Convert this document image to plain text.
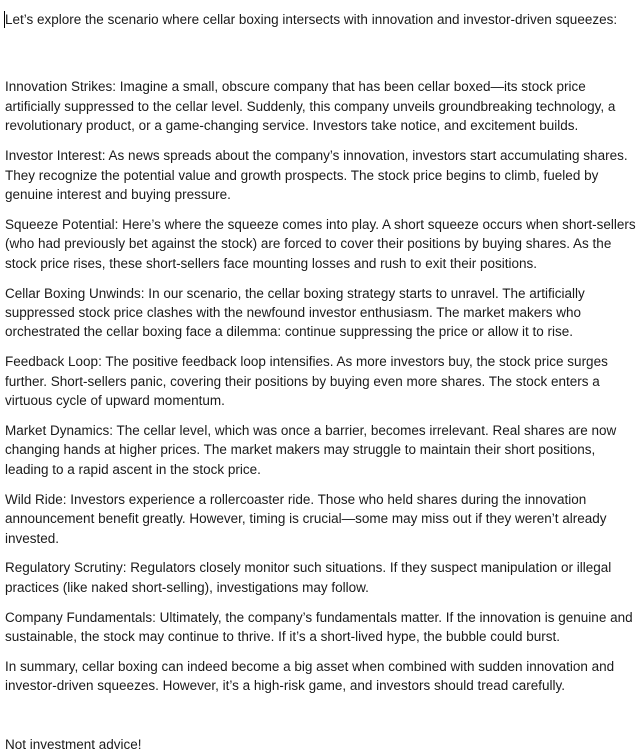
Let’s explore the scenario where cellar boxing intersects with innovation and investor-driven squeezes:

Innovation Strikes: Imagine a small, obscure company that has been cellar boxed—its stock price artificially suppressed to the cellar level. Suddenly, this company unveils groundbreaking technology, a revolutionary product, or a game-changing service. Investors take notice, and excitement builds.

Investor Interest: As news spreads about the company’s innovation, investors start accumulating shares. They recognize the potential value and growth prospects. The stock price begins to climb, fueled by genuine interest and buying pressure.

Squeeze Potential: Here’s where the squeeze comes into play. A short squeeze occurs when short-sellers (who had previously bet against the stock) are forced to cover their positions by buying shares. As the stock price rises, these short-sellers face mounting losses and rush to exit their positions.

Cellar Boxing Unwinds: In our scenario, the cellar boxing strategy starts to unravel. The artificially suppressed stock price clashes with the newfound investor enthusiasm. The market makers who orchestrated the cellar boxing face a dilemma: continue suppressing the price or allow it to rise.

Feedback Loop: The positive feedback loop intensifies. As more investors buy, the stock price surges further. Short-sellers panic, covering their positions by buying even more shares. The stock enters a virtuous cycle of upward momentum.

Market Dynamics: The cellar level, which was once a barrier, becomes irrelevant. Real shares are now changing hands at higher prices. The market makers may struggle to maintain their short positions, leading to a rapid ascent in the stock price.

Wild Ride: Investors experience a rollercoaster ride. Those who held shares during the innovation announcement benefit greatly. However, timing is crucial—some may miss out if they weren’t already invested.

Regulatory Scrutiny: Regulators closely monitor such situations. If they suspect manipulation or illegal practices (like naked short-selling), investigations may follow.

Company Fundamentals: Ultimately, the company’s fundamentals matter. If the innovation is genuine and sustainable, the stock may continue to thrive. If it’s a short-lived hype, the bubble could burst.

In summary, cellar boxing can indeed become a big asset when combined with sudden innovation and investor-driven squeezes. However, it’s a high-risk game, and investors should tread carefully.

Not investment advice!
